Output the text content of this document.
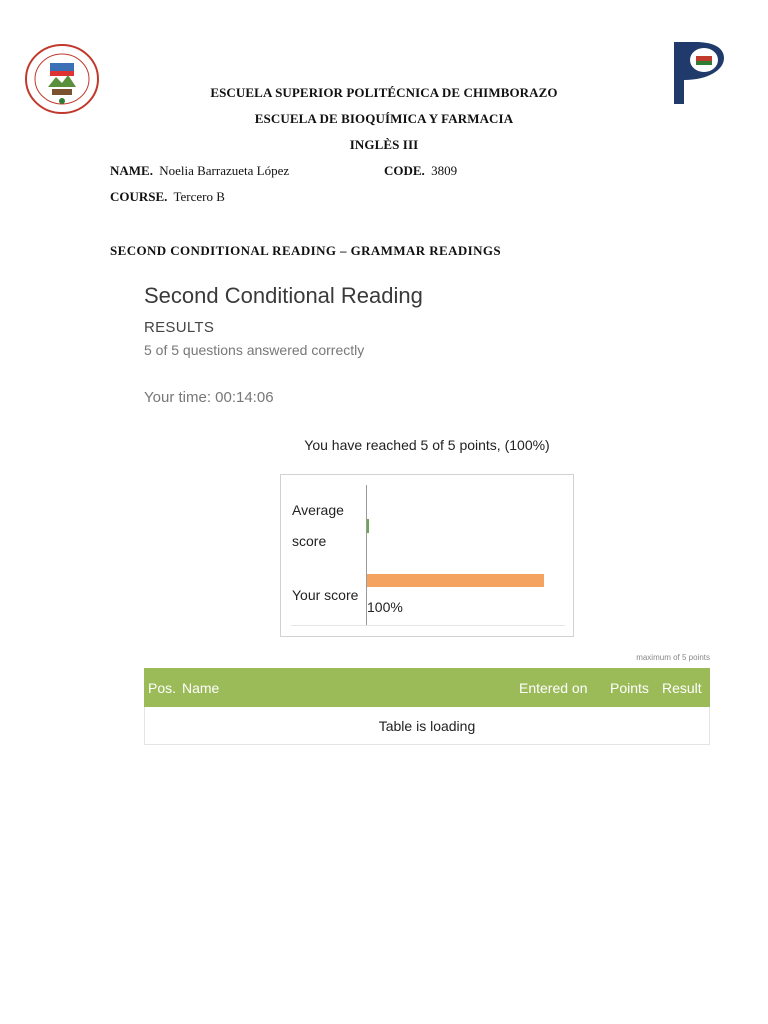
ESCUELA SUPERIOR POLITÉCNICA DE CHIMBORAZO
ESCUELA DE BIOQUÍMICA Y FARMACIA
INGLÈS III
NAME. Noelia Barrazueta López	CODE. 3809
COURSE. Tercero B
SECOND CONDITIONAL READING – GRAMMAR READINGS
Second Conditional Reading
RESULTS
5 of 5 questions answered correctly
Your time: 00:14:06
You have reached 5 of 5 points, (100%)
Average
score
Your score
100%
maximum of 5 points
Pos. Name	Entered on Points Result
Table is loading
